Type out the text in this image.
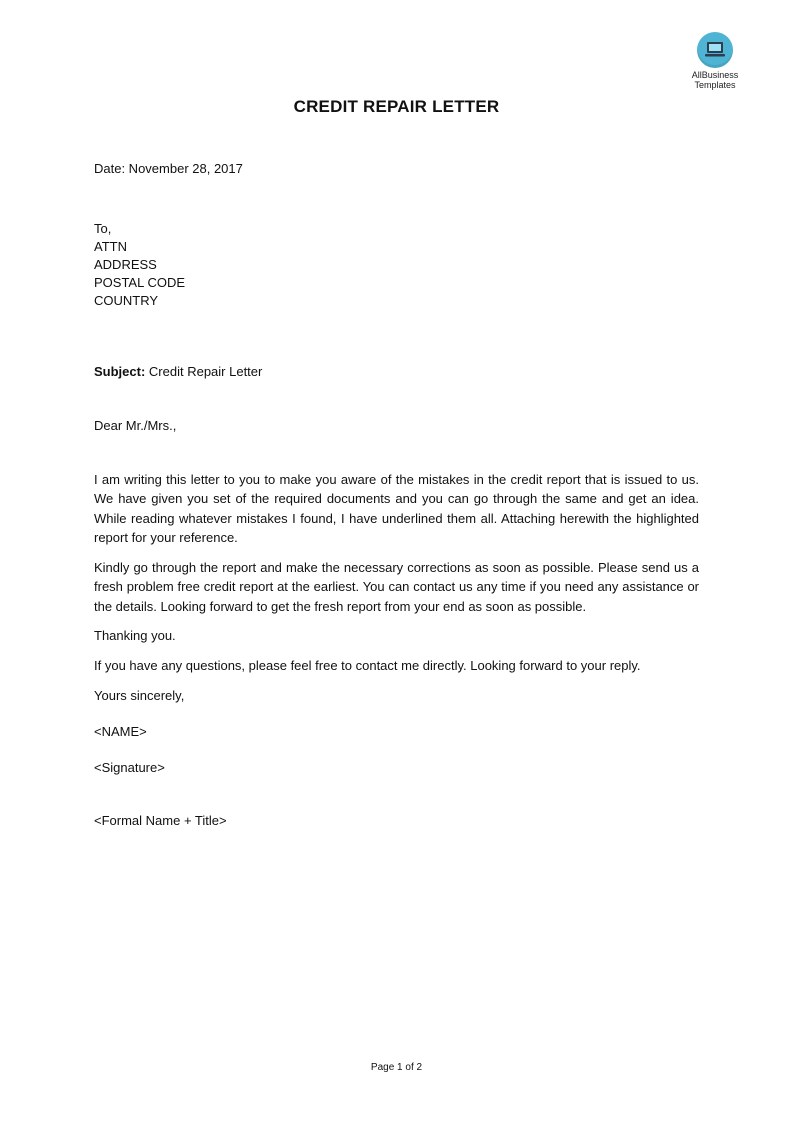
AllBusiness
Templates
CREDIT REPAIR LETTER
Date: November 28, 2017
To,
ATTN
ADDRESS
POSTAL CODE
COUNTRY
Subject: Credit Repair Letter
Dear Mr./Mrs.,
I am writing this letter to you to make you aware of the mistakes in the credit report that is issued to us. We have given you set of the required documents and you can go through the same and get an idea. While reading whatever mistakes I found, I have underlined them all. Attaching herewith the highlighted report for your reference.
Kindly go through the report and make the necessary corrections as soon as possible. Please send us a fresh problem free credit report at the earliest. You can contact us any time if you need any assistance or the details. Looking forward to get the fresh report from your end as soon as possible.
Thanking you.
If you have any questions, please feel free to contact me directly. Looking forward to your reply.
Yours sincerely,
<NAME>
<Signature>
<Formal Name + Title>
Page 1 of 2
